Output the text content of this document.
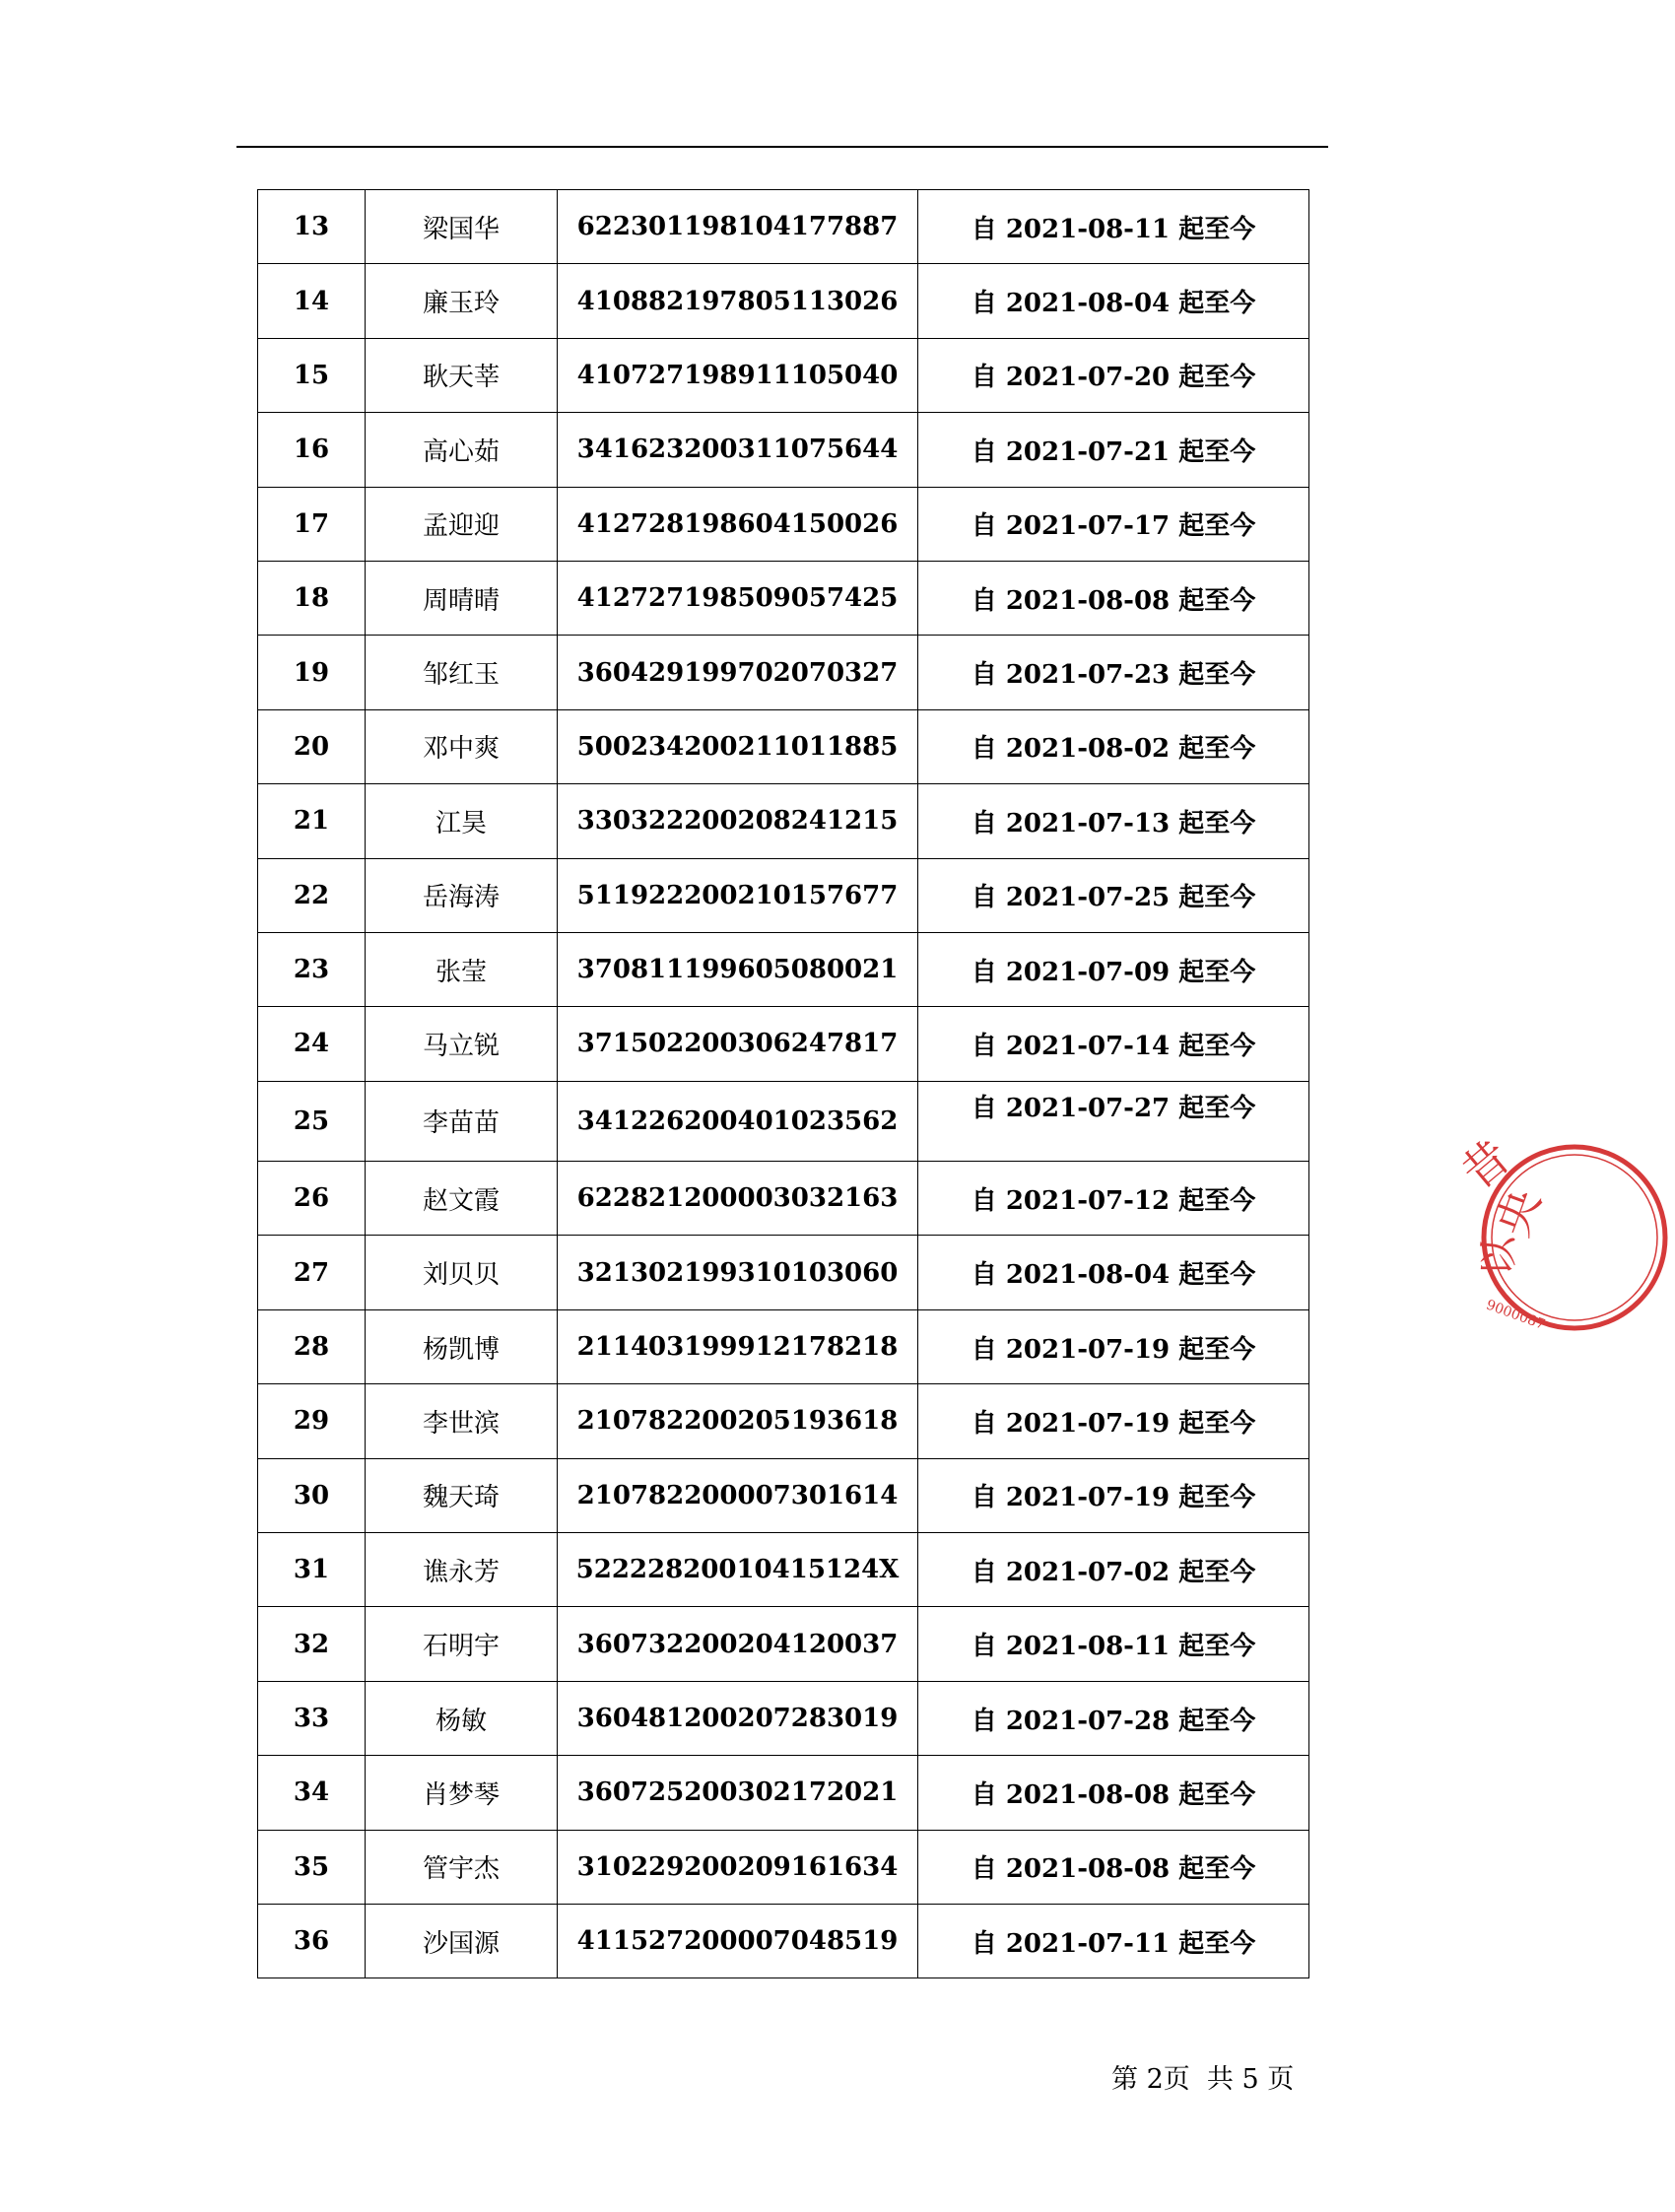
13	梁国华	622301198104177887	自 2021-08-11 起至今
14	廉玉玲	410882197805113026	自 2021-08-04 起至今
15	耿天莘	410727198911105040	自 2021-07-20 起至今
16	高心茹	341623200311075644	自 2021-07-21 起至今
17	孟迎迎	412728198604150026	自 2021-07-17 起至今
18	周晴晴	412727198509057425	自 2021-08-08 起至今
19	邹红玉	360429199702070327	自 2021-07-23 起至今
20	邓中爽	500234200211011885	自 2021-08-02 起至今
21	江昊	330322200208241215	自 2021-07-13 起至今
22	岳海涛	511922200210157677	自 2021-07-25 起至今
23	张莹	370811199605080021	自 2021-07-09 起至今
24	马立锐	371502200306247817	自 2021-07-14 起至今
25	李苗苗	341226200401023562	自 2021-07-27 起至今
26	赵文霞	622821200003032163	自 2021-07-12 起至今
27	刘贝贝	321302199310103060	自 2021-08-04 起至今
28	杨凯博	211403199912178218	自 2021-07-19 起至今
29	李世滨	210782200205193618	自 2021-07-19 起至今
30	魏天琦	210782200007301614	自 2021-07-19 起至今
31	谯永芳	52222820010415124X	自 2021-07-02 起至今
32	石明宇	360732200204120037	自 2021-08-11 起至今
33	杨敏	360481200207283019	自 2021-07-28 起至今
34	肖梦琴	360725200302172021	自 2021-08-08 起至今
35	管宇杰	310229200209161634	自 2021-08-08 起至今
36	沙国源	411527200007048519	自 2021-07-11 起至今
第 2页  共 5 页
昔
央
以
9000087
